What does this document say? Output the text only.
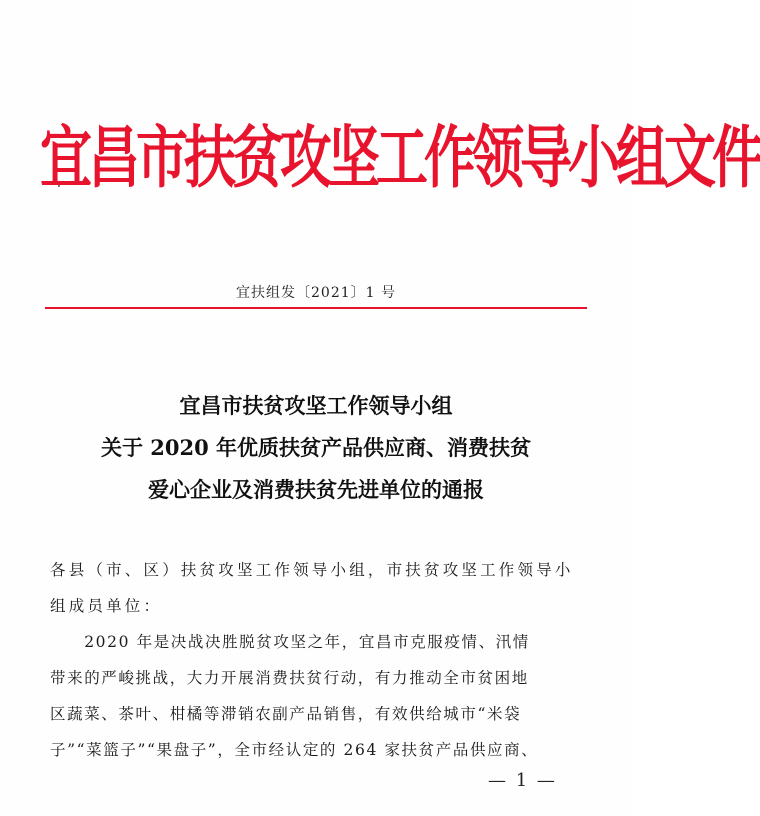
宜昌市扶贫攻坚工作领导小组文件
宜扶组发〔2021〕1 号
宜昌市扶贫攻坚工作领导小组
关于 2020 年优质扶贫产品供应商、消费扶贫
爱心企业及消费扶贫先进单位的通报
各县（市、区）扶贫攻坚工作领导小组，市扶贫攻坚工作领导小
组成员单位：
　　2020 年是决战决胜脱贫攻坚之年，宜昌市克服疫情、汛情
带来的严峻挑战，大力开展消费扶贫行动，有力推动全市贫困地
区蔬菜、茶叶、柑橘等滞销农副产品销售，有效供给城市“米袋
子”“菜篮子”“果盘子”，全市经认定的 264 家扶贫产品供应商、
— 1 —
